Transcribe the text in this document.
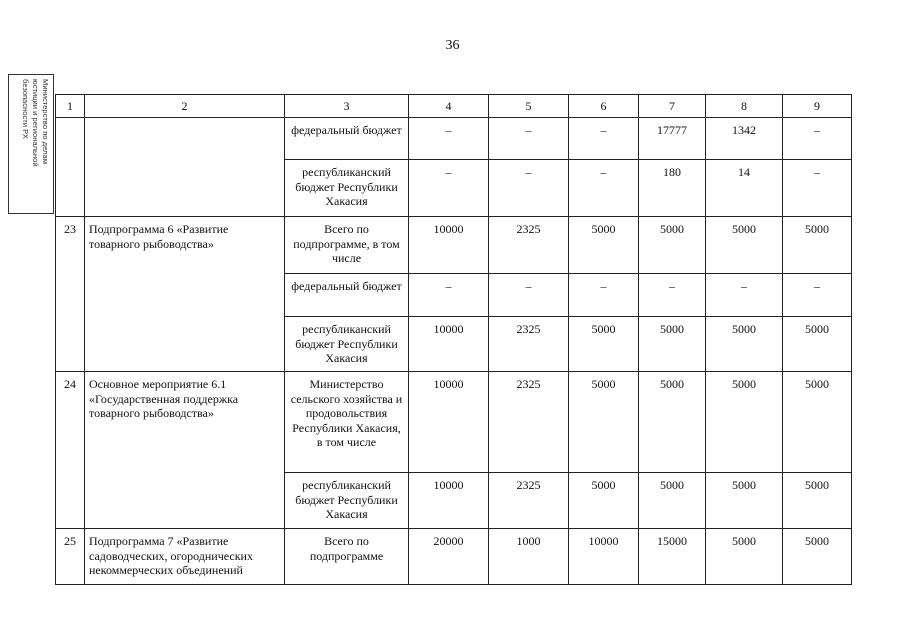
36
Министерство по делам
юстиции и региональной
безопасности РХ	1	2	3	4	5	6	7	8	9
		федеральный бюджет	–	–	–	17777	1342	–
		республиканский бюджет Республики Хакасия	–	–	–	180	14	–
23	Подпрограмма 6 «Развитие товарного рыбоводства»	Всего по подпрограмме, в том числе	10000	2325	5000	5000	5000	5000
		федеральный бюджет	–	–	–	–	–	–
		республиканский бюджет Республики Хакасия	10000	2325	5000	5000	5000	5000
24	Основное мероприятие 6.1 «Государственная поддержка товарного рыбоводства»	Министерство сельского хозяйства и продовольствия Республики Хакасия, в том числе	10000	2325	5000	5000	5000	5000
		республиканский бюджет Республики Хакасия	10000	2325	5000	5000	5000	5000
25	Подпрограмма 7 «Развитие садоводческих, огороднических некоммерческих объединений	Всего по подпрограмме	20000	1000	10000	15000	5000	5000
